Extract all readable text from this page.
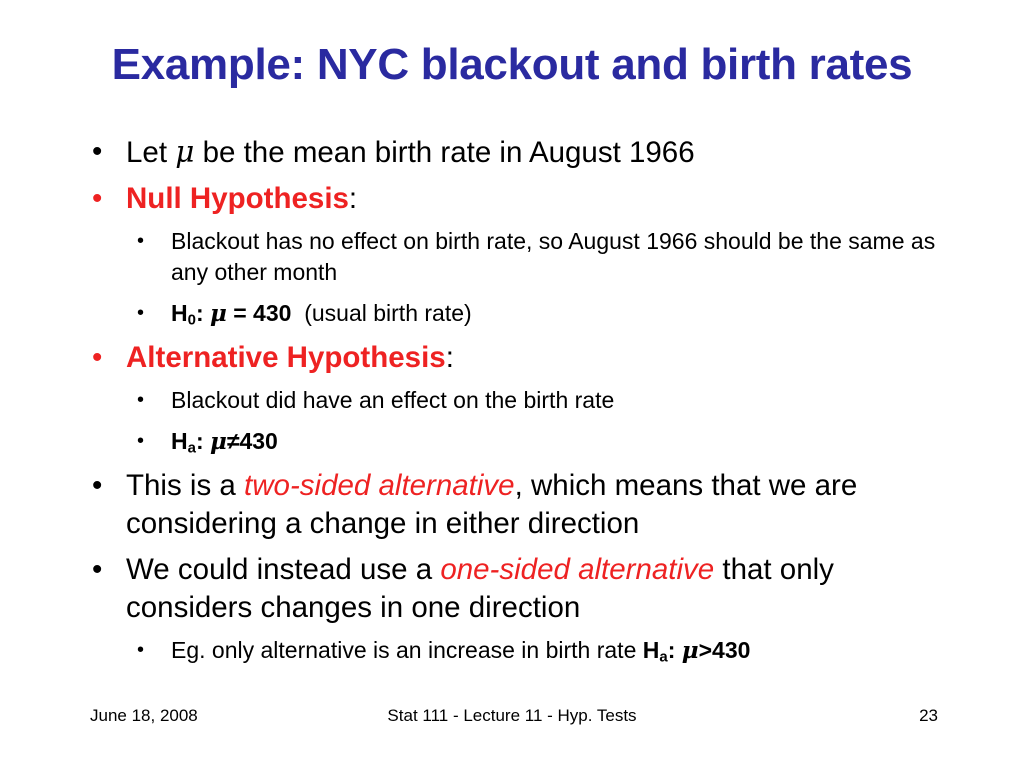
Example: NYC blackout and birth rates
• Let μ be the mean birth rate in August 1966
• Null Hypothesis:
• Blackout has no effect on birth rate, so August 1966 should be the same as any other month
• $H_0$: μ = 430  (usual birth rate)
• Alternative Hypothesis:
• Blackout did have an effect on the birth rate
• $H_a$: μ≠430
• This is a two-sided alternative, which means that we are considering a change in either direction
• We could instead use a one-sided alternative that only considers changes in one direction
• Eg. only alternative is an increase in birth rate $H_a$: μ>430
June 18, 2008	Stat 111 - Lecture 11 - Hyp. Tests	23
